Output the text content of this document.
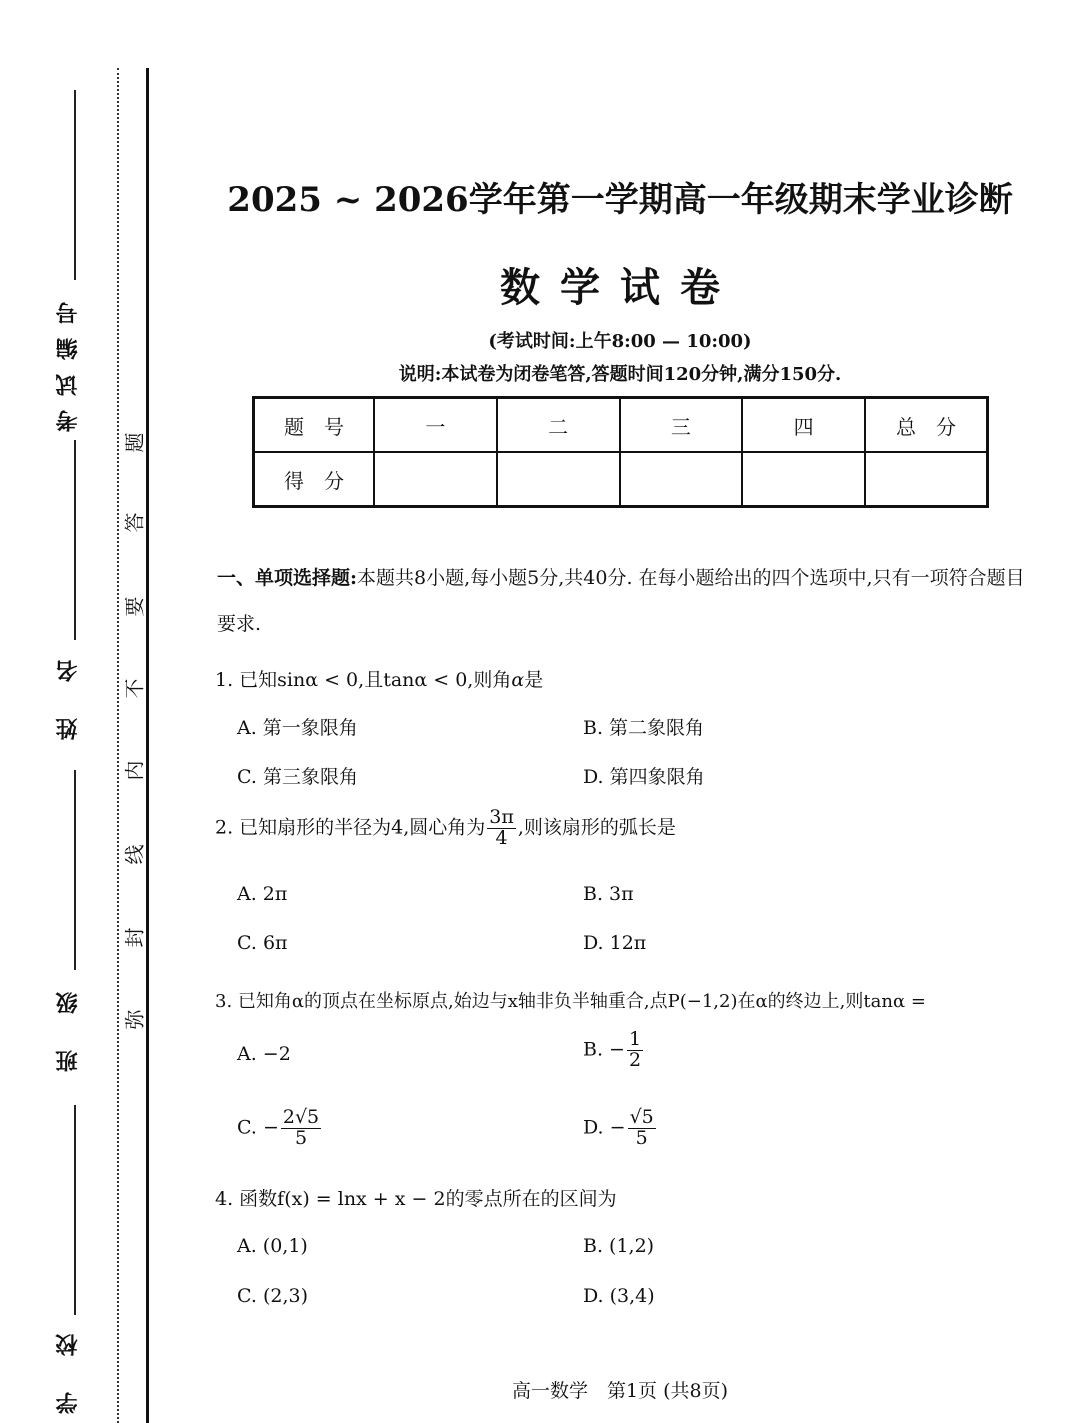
考试编号
姓 名
班 级
学 校
题
答
要
不
内
线
封
弥
2025 ~ 2026学年第一学期高一年级期末学业诊断
数学试卷
(考试时间:上午8:00 — 10:00)
说明:本试卷为闭卷笔答,答题时间120分钟,满分150分.
题　号	一	二	三	四	总　分
得　分					
一、单项选择题:本题共8小题,每小题5分,共40分. 在每小题给出的四个选项中,只有一项符合题目要求.
1. 已知sinα < 0,且tanα < 0,则角α是
A. 第一象限角	B. 第二象限角
C. 第三象限角	D. 第四象限角
2. 已知扇形的半径为4,圆心角为 $\frac{3\pi}{4}$ ,则该扇形的弧长是
A. 2π	B. 3π
C. 6π	D. 12π
3. 已知角α的顶点在坐标原点,始边与x轴非负半轴重合,点P(−1,2)在α的终边上,则tanα =
A. −2	B. − $\frac{1}{2}$
C. − $\frac{2√5}{5}$	D. − $\frac{√5}{5}$
4. 函数f(x) = lnx + x − 2的零点所在的区间为
A. (0,1)	B. (1,2)
C. (2,3)	D. (3,4)
高一数学　第1页 (共8页)
